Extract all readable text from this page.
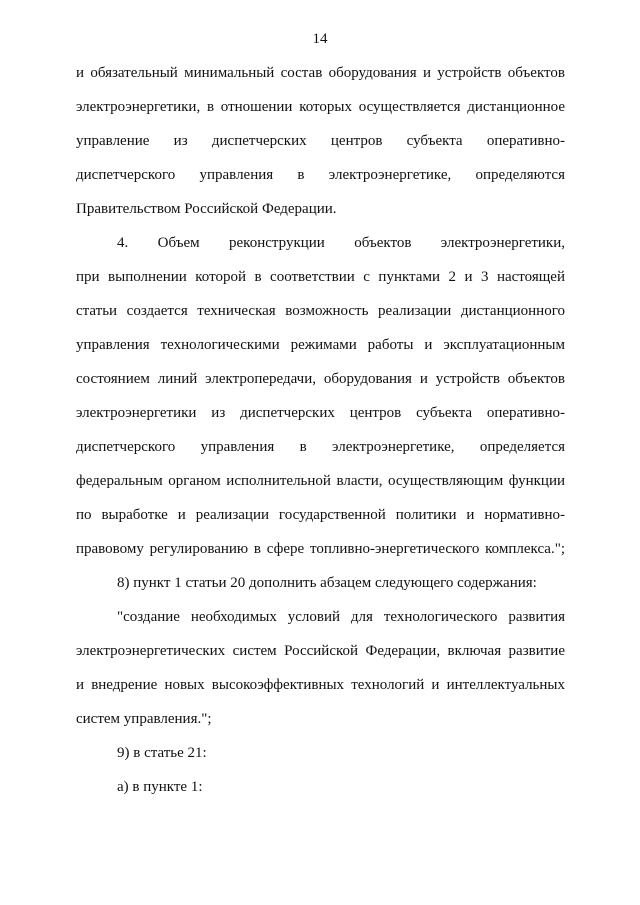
14
и обязательный минимальный состав оборудования и устройств объектов
электроэнергетики, в отношении которых осуществляется дистанционное
управление из диспетчерских центров субъекта оперативно-
диспетчерского управления в электроэнергетике, определяются
Правительством Российской Федерации.
4. Объем реконструкции объектов электроэнергетики,
при выполнении которой в соответствии с пунктами 2 и 3 настоящей
статьи создается техническая возможность реализации дистанционного
управления технологическими режимами работы и эксплуатационным
состоянием линий электропередачи, оборудования и устройств объектов
электроэнергетики из диспетчерских центров субъекта оперативно-
диспетчерского управления в электроэнергетике, определяется
федеральным органом исполнительной власти, осуществляющим функции
по выработке и реализации государственной политики и нормативно-
правовому регулированию в сфере топливно-энергетического комплекса.";
8) пункт 1 статьи 20 дополнить абзацем следующего содержания:
"создание необходимых условий для технологического развития
электроэнергетических систем Российской Федерации, включая развитие
и внедрение новых высокоэффективных технологий и интеллектуальных
систем управления.";
9) в статье 21:
а) в пункте 1:
